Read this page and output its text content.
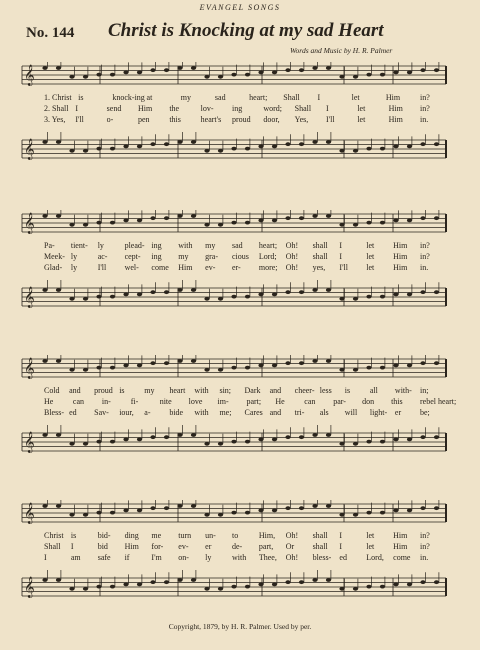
EVANGEL SONGS
No. 144 Christ is Knocking at my sad Heart
Words and Music by H. R. Palmer
𝄞
𝄞
1. Christ is	knock-ing at	my	sad	heart; Shall I	let	Him in?
2. Shall I	send Him the	lov- ing	word; Shall I	let	Him in?
3. Yes, I'll	o-	pen this heart's proud door, Yes, I'll	let	Him in.
𝄞
𝄞
Pa- tient- ly	plead- ing with my sad heart; Oh! shall I	let Him in?
Meek- ly	ac- cept- ing my gra- cious Lord; Oh! shall I	let Him in?
Glad- ly	I'll wel- come Him ev- er- more; Oh! yes, I'll let Him in.
𝄞
𝄞
Cold and proud is my heart with sin; Dark and cheer- less is all with- in;
He can in-	fi-	nite love im- part; He can par- don this rebel heart;
Bless- ed Sav- iour, a- bide with me; Cares and tri- als will light- er be;
𝄞
𝄞
Christ is	bid- ding me turn un- to	Him, Oh! shall I	let Him in?
Shall I	bid Him for- ev- er	de- part, Or shall I	let Him in?
I	am safe if	I'm on- ly	with Thee, Oh! bless- ed Lord, come in.
Copyright, 1879, by H. R. Palmer. Used by per.
